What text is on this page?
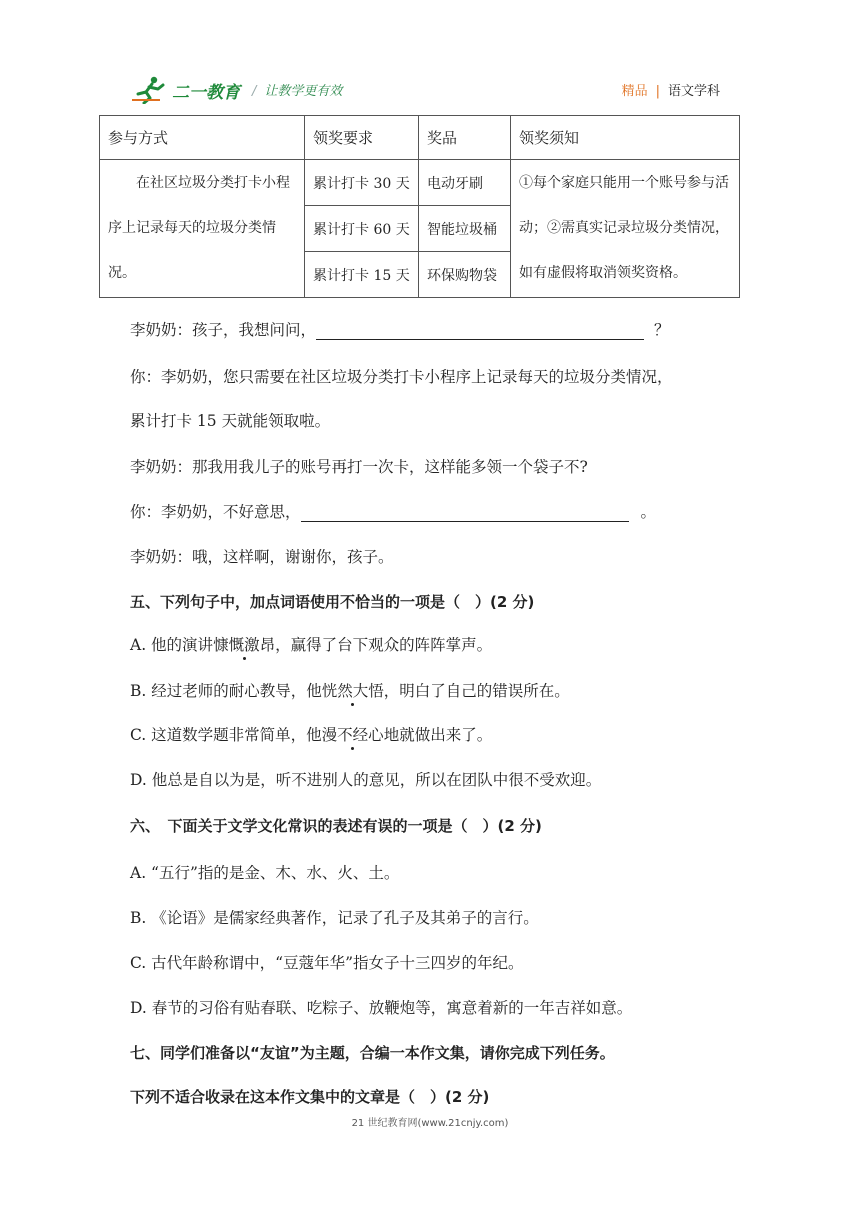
二一教育 / 让教学更有效	精品 | 语文学科
参与方式	领奖要求	奖品	领奖须知
在社区垃圾分类打卡小程序上记录每天的垃圾分类情况。	累计打卡 30 天	电动牙刷	①每个家庭只能用一个账号参与活动；②需真实记录垃圾分类情况，如有虚假将取消领奖资格。
	累计打卡 60 天	智能垃圾桶	
	累计打卡 15 天	环保购物袋	
李奶奶：孩子，我想问问，	？
你：李奶奶，您只需要在社区垃圾分类打卡小程序上记录每天的垃圾分类情况，
累计打卡 15 天就能领取啦。
李奶奶：那我用我儿子的账号再打一次卡，这样能多领一个袋子不?
你：李奶奶，不好意思，	。
李奶奶：哦，这样啊，谢谢你，孩子。
五、下列句子中，加点词语使用不恰当的一项是（　）(2 分)
A. 他的演讲慷慨激昂，赢得了台下观众的阵阵掌声。
B. 经过老师的耐心教导，他恍然大悟，明白了自己的错误所在。
C. 这道数学题非常简单，他漫不经心地就做出来了。
D. 他总是自以为是，听不进别人的意见，所以在团队中很不受欢迎。
六、　下面关于文学文化常识的表述有误的一项是（　）(2 分)
A. “五行”指的是金、木、水、火、土。
B. 《论语》是儒家经典著作，记录了孔子及其弟子的言行。
C. 古代年龄称谓中，“豆蔻年华”指女子十三四岁的年纪。
D. 春节的习俗有贴春联、吃粽子、放鞭炮等，寓意着新的一年吉祥如意。
七、同学们准备以“友谊”为主题，合编一本作文集，请你完成下列任务。
下列不适合收录在这本作文集中的文章是（　）(2 分)
21 世纪教育网(www.21cnjy.com)
